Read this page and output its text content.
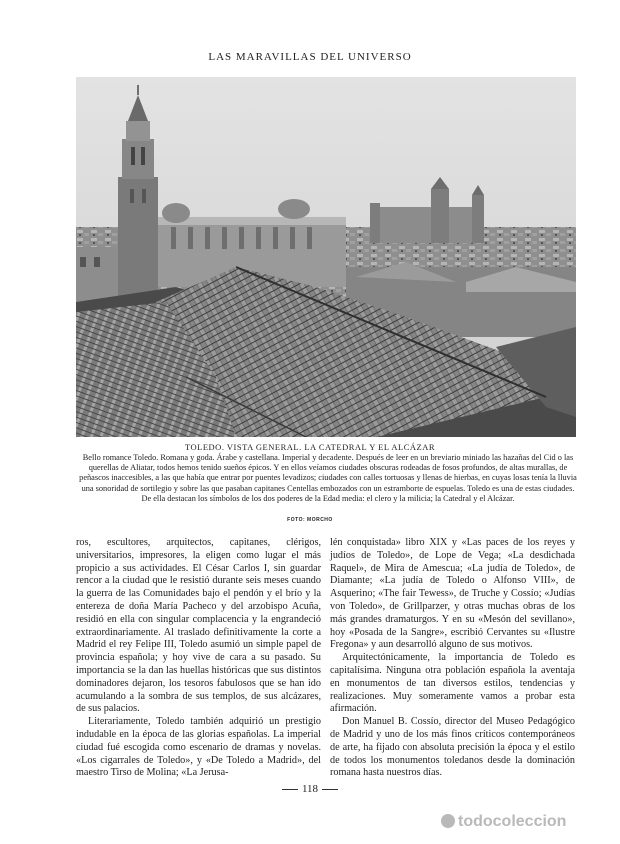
LAS MARAVILLAS DEL UNIVERSO
TOLEDO. VISTA GENERAL. LA CATEDRAL Y EL ALCÁZAR
Bello romance Toledo. Romana y goda. Árabe y castellana. Imperial y decadente. Después de leer en un breviario miniado las hazañas del Cid o las querellas de Aliatar, todos hemos tenido sueños épicos. Y en ellos veíamos ciudades obscuras rodeadas de fosos profundos, de altas murallas, de peñascos inaccesibles, a las que había que entrar por puentes levadizos; ciudades con calles tortuosas y llenas de hierbas, en cuyas losas tenía la lluvia una sonoridad de sortilegio y sobre las que pasaban capitanes Centellas embozados con un estramborte de espuelas. Toledo es una de estas ciudades. De ella destacan los símbolos de los dos poderes de la Edad media: el clero y la milicia; la Catedral y el Alcázar.
FOTO: MORCHO

ros, escultores, arquitectos, capitanes, clérigos, universitarios, impresores, la eligen como lugar el más propicio a sus actividades. El César Carlos I, sin guardar rencor a la ciudad que le resistió durante seis meses cuando la guerra de las Comunidades bajo el pendón y el brío y la entereza de doña María Pacheco y del arzobispo Acuña, residió en ella con singular complacencia y la engrandeció extraordinariamente. Al traslado definitivamente la corte a Madrid el rey Felipe III, Toledo asumió un simple papel de provincia española; y hoy vive de cara a su pasado. Su importancia se la dan las huellas históricas que sus distintos dominadores dejaron, los tesoros fabulosos que se han ido acumulando a la sombra de sus templos, de sus alcázares, de sus palacios.

Literariamente, Toledo también adquirió un prestigio indudable en la época de las glorias españolas. La imperial ciudad fué escogida como escenario de dramas y novelas. «Los cigarrales de Toledo», y «De Toledo a Madrid», del maestro Tirso de Molina; «La Jerusa-

lén conquistada» libro XIX y «Las paces de los reyes y judíos de Toledo», de Lope de Vega; «La desdichada Raquel», de Mira de Amescua; «La judía de Toledo», de Diamante; «La judía de Toledo o Alfonso VIII», de Asquerino; «The fair Tewess», de Truche y Cossío; «Judías von Toledo», de Grillparzer, y otras muchas obras de los más grandes dramaturgos. Y en su «Mesón del sevillano», hoy «Posada de la Sangre», escribió Cervantes su «Ilustre Fregona» y aun desarrolló alguno de sus motivos.

Arquitectónicamente, la importancia de Toledo es capitalísima. Ninguna otra población española la aventaja en monumentos de tan diversos estilos, tendencias y realizaciones. Muy someramente vamos a probar esta afirmación.

Don Manuel B. Cossío, director del Museo Pedagógico de Madrid y uno de los más finos críticos contemporáneos de arte, ha fijado con absoluta precisión la época y el estilo de todos los monumentos toledanos desde la dominación romana hasta nuestros días.

118
todocoleccion
